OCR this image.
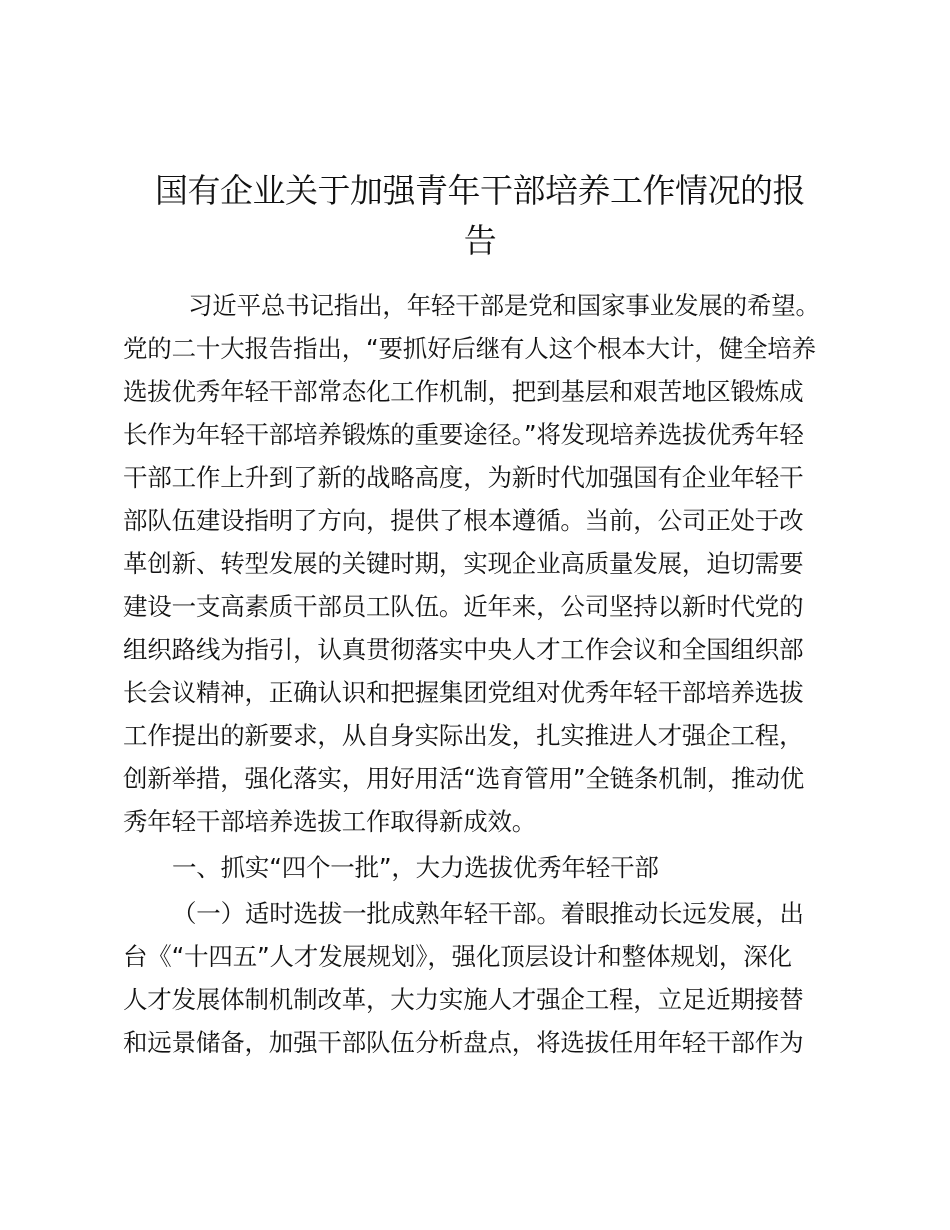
国有企业关于加强青年干部培养工作情况的报
告
习近平总书记指出，年轻干部是党和国家事业发展的希望。
党的二十大报告指出，“要抓好后继有人这个根本大计，健全培养
选拔优秀年轻干部常态化工作机制，把到基层和艰苦地区锻炼成
长作为年轻干部培养锻炼的重要途径。”将发现培养选拔优秀年轻
干部工作上升到了新的战略高度，为新时代加强国有企业年轻干
部队伍建设指明了方向，提供了根本遵循。当前，公司正处于改
革创新、转型发展的关键时期，实现企业高质量发展，迫切需要
建设一支高素质干部员工队伍。近年来，公司坚持以新时代党的
组织路线为指引，认真贯彻落实中央人才工作会议和全国组织部
长会议精神，正确认识和把握集团党组对优秀年轻干部培养选拔
工作提出的新要求，从自身实际出发，扎实推进人才强企工程，
创新举措，强化落实，用好用活“选育管用”全链条机制，推动优
秀年轻干部培养选拔工作取得新成效。
一、抓实“四个一批”，大力选拔优秀年轻干部
（一）适时选拔一批成熟年轻干部。着眼推动长远发展，出
台《“十四五”人才发展规划》，强化顶层设计和整体规划，深化
人才发展体制机制改革，大力实施人才强企工程，立足近期接替
和远景储备，加强干部队伍分析盘点，将选拔任用年轻干部作为
